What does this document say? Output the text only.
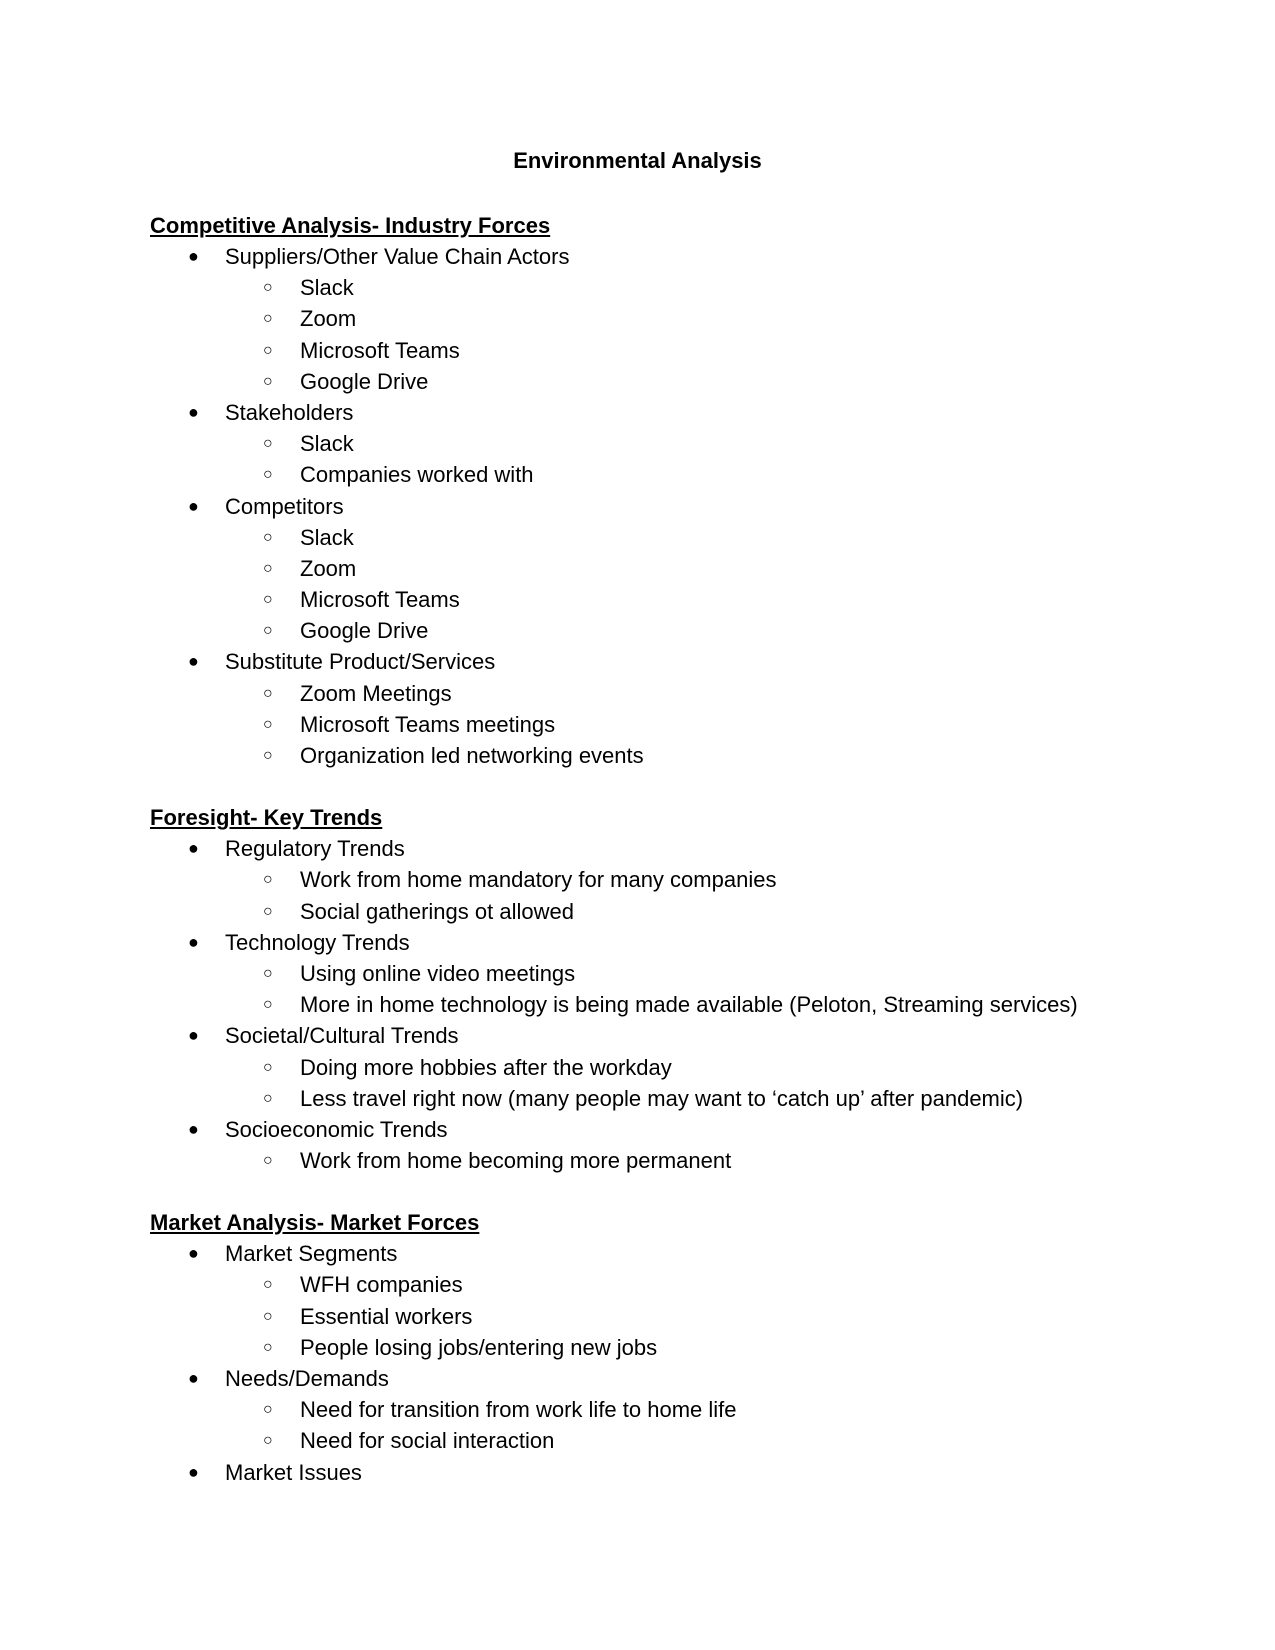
Environmental Analysis
Competitive Analysis- Industry Forces
● Suppliers/Other Value Chain Actors
○ Slack
○ Zoom
○ Microsoft Teams
○ Google Drive
● Stakeholders
○ Slack
○ Companies worked with
● Competitors
○ Slack
○ Zoom
○ Microsoft Teams
○ Google Drive
● Substitute Product/Services
○ Zoom Meetings
○ Microsoft Teams meetings
○ Organization led networking events
Foresight- Key Trends
● Regulatory Trends
○ Work from home mandatory for many companies
○ Social gatherings ot allowed
● Technology Trends
○ Using online video meetings
○ More in home technology is being made available (Peloton, Streaming services)
● Societal/Cultural Trends
○ Doing more hobbies after the workday
○ Less travel right now (many people may want to ‘catch up’ after pandemic)
● Socioeconomic Trends
○ Work from home becoming more permanent
Market Analysis- Market Forces
● Market Segments
○ WFH companies
○ Essential workers
○ People losing jobs/entering new jobs
● Needs/Demands
○ Need for transition from work life to home life
○ Need for social interaction
● Market Issues
